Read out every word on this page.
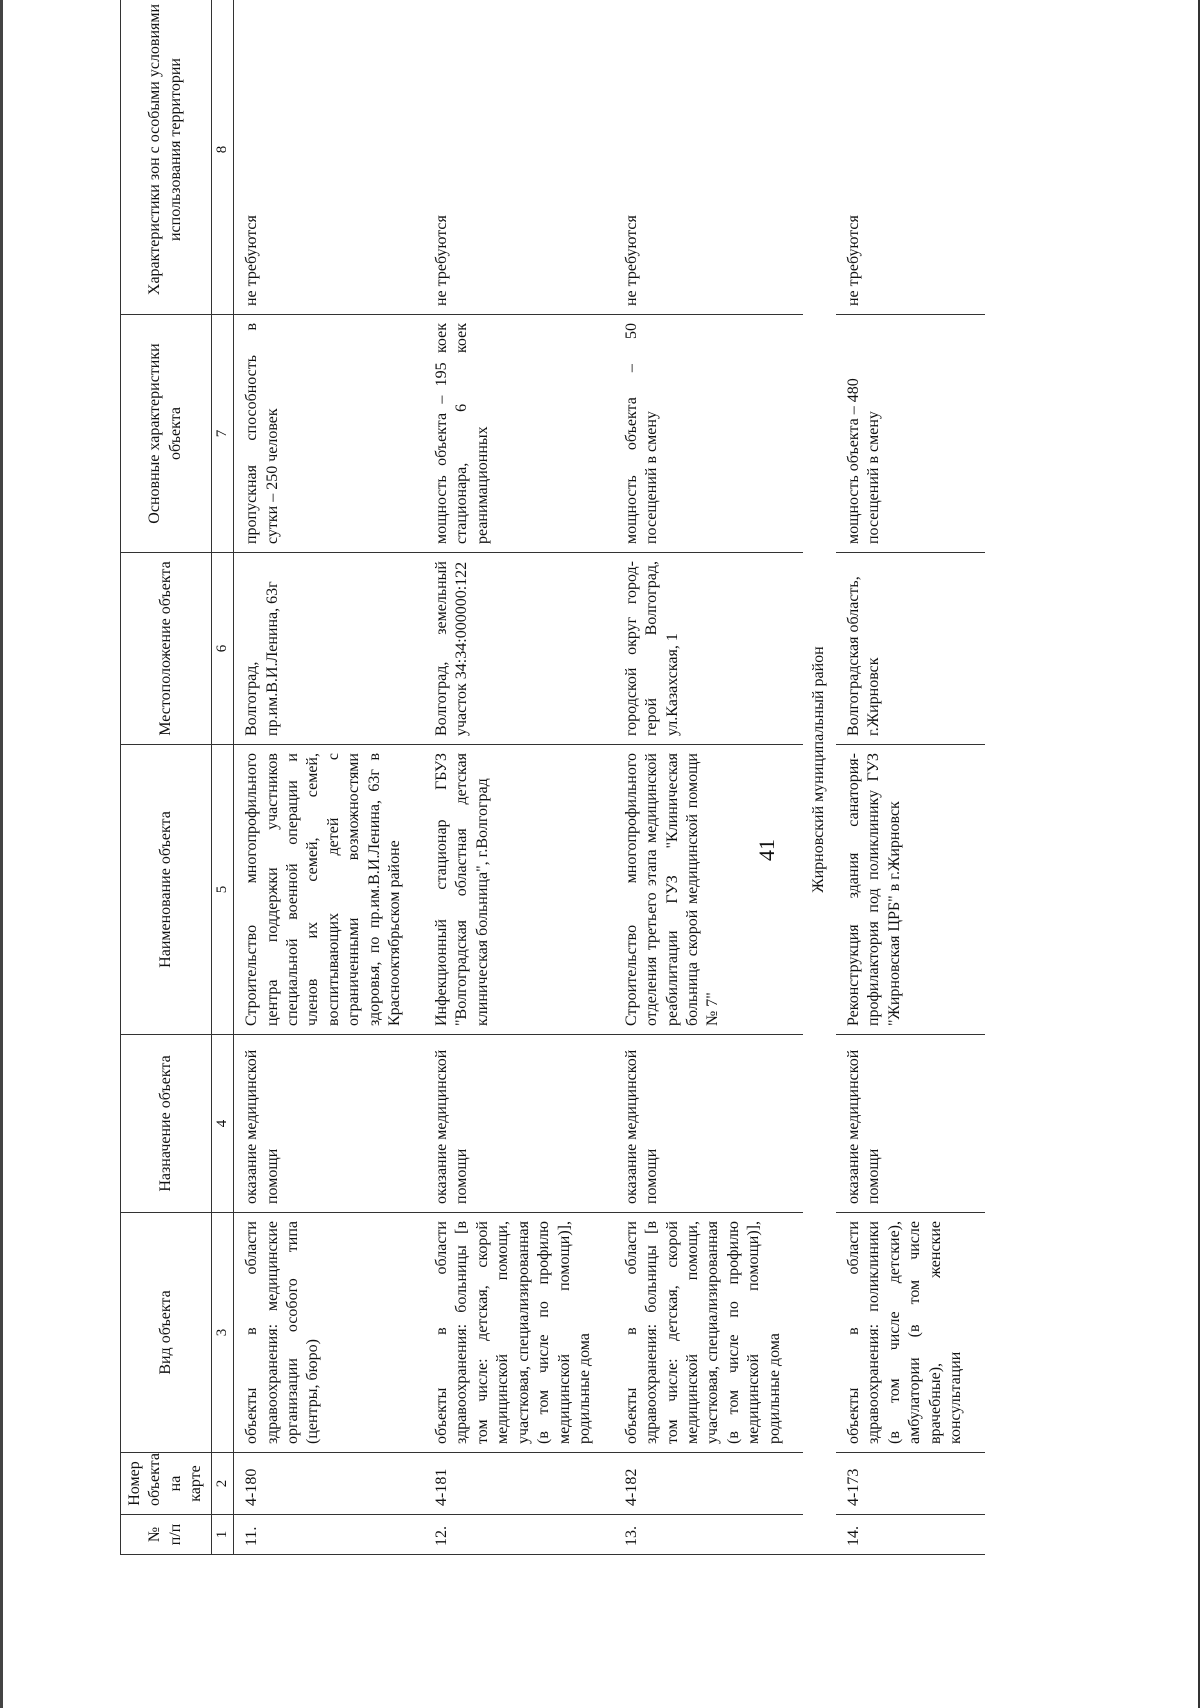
41
№ п/п	Номер объекта на карте	Вид объекта	Назначение объекта	Наименование объекта	Местоположение объекта	Основные характеристики объекта	Характеристики зон с особыми условиями использования территории
1	2	3	4	5	6	7	8
11.	4-180	объекты в области здравоохранения: медицинские организации особого типа (центры, бюро)	оказание медицинской помощи	Строительство многопрофильного центра поддержки участников специальной военной операции и членов их семей, семей, воспитывающих детей с ограниченными возможностями здоровья, по пр.им.В.И.Ленина, 63г в Краснооктябрьском районе	Волгоград, пр.им.В.И.Ленина, 63г	пропускная способность в сутки – 250 человек	не требуются
12.	4-181	объекты в области здравоохранения: больницы [в том числе: детская, скорой медицинской помощи, участковая, специализированная (в том числе по профилю медицинской помощи)], родильные дома	оказание медицинской помощи	Инфекционный стационар ГБУЗ "Волгоградская областная детская клиническая больница", г.Волгоград	Волгоград, земельный участок 34:34:000000:122	мощность объекта – 195 коек стационара, 6 коек реанимационных	не требуются
13.	4-182	объекты в области здравоохранения: больницы [в том числе: детская, скорой медицинской помощи, участковая, специализированная (в том числе по профилю медицинской помощи)], родильные дома	оказание медицинской помощи	Строительство многопрофильного отделения третьего этапа медицинской реабилитации ГУЗ "Клиническая больница скорой медицинской помощи № 7"	городской округ город-герой Волгоград, ул.Казахская, 1	мощность объекта – 50 посещений в смену	не требуются
Жирновский муниципальный район							
14.	4-173	объекты в области здравоохранения: поликлиники (в том числе детские), амбулатории (в том числе врачебные), женские консультации	оказание медицинской помощи	Реконструкция здания санатория-профилактория под поликлинику ГУЗ "Жирновская ЦРБ" в г.Жирновск	Волгоградская область, г.Жирновск	мощность объекта – 480 посещений в смену	не требуются
